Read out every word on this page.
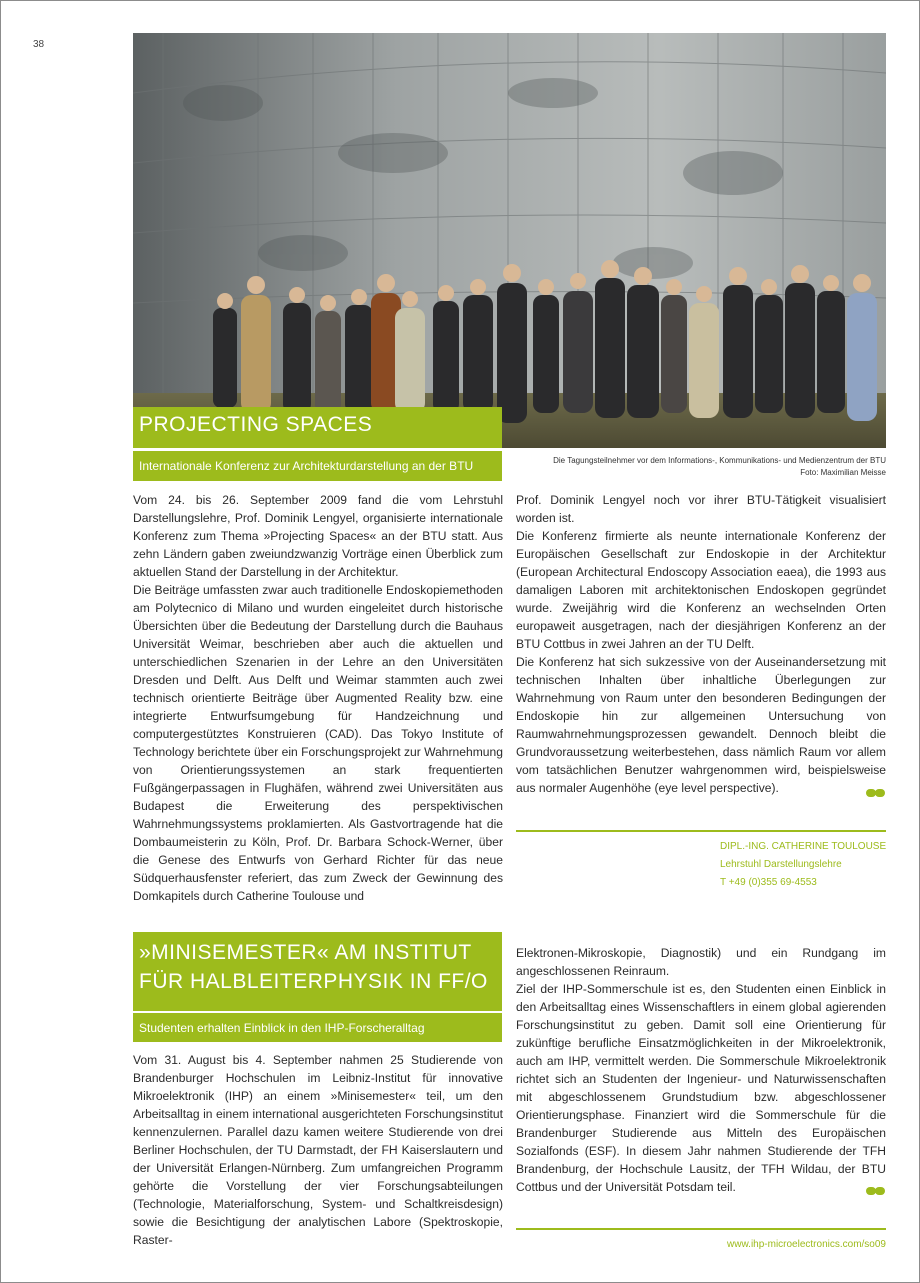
38
PROJECTING SPACES
Internationale Konferenz zur Architekturdarstellung an der BTU	Die Tagungsteilnehmer vor dem Informations-, Kommunikations- und Medienzentrum der BTU
Foto: Maximilian Meisse

Vom 24. bis 26. September 2009 fand die vom Lehrstuhl Darstellungslehre, Prof. Dominik Lengyel, organisierte internationale Konferenz zum Thema »Projecting Spaces« an der BTU statt. Aus zehn Ländern gaben zweiundzwanzig Vorträge einen Überblick zum aktuellen Stand der Darstellung in der Architektur.

Die Beiträge umfassten zwar auch traditionelle Endoskopiemethoden am Polytecnico di Milano und wurden eingeleitet durch historische Übersichten über die Bedeutung der Darstellung durch die Bauhaus Universität Weimar, beschrieben aber auch die aktuellen und unterschiedlichen Szenarien in der Lehre an den Universitäten Dresden und Delft. Aus Delft und Weimar stammten auch zwei technisch orientierte Beiträge über Augmented Reality bzw. eine integrierte Entwurfsumgebung für Handzeichnung und computergestütztes Konstruieren (CAD). Das Tokyo Institute of Technology berichtete über ein Forschungsprojekt zur Wahrnehmung von Orientierungssystemen an stark frequentierten Fußgängerpassagen in Flughäfen, während zwei Universitäten aus Budapest die Erweiterung des perspektivischen Wahrnehmungssystems proklamierten. Als Gastvortragende hat die Dombaumeisterin zu Köln, Prof. Dr. Barbara Schock-Werner, über die Genese des Entwurfs von Gerhard Richter für das neue Südquerhausfenster referiert, das zum Zweck der Gewinnung des Domkapitels durch Catherine Toulouse und

Prof. Dominik Lengyel noch vor ihrer BTU-Tätigkeit visualisiert worden ist.

Die Konferenz firmierte als neunte internationale Konferenz der Europäischen Gesellschaft zur Endoskopie in der Architektur (European Architectural Endoscopy Association eaea), die 1993 aus damaligen Laboren mit architektonischen Endoskopen gegründet wurde. Zweijährig wird die Konferenz an wechselnden Orten europaweit ausgetragen, nach der diesjährigen Konferenz an der BTU Cottbus in zwei Jahren an der TU Delft.

Die Konferenz hat sich sukzessive von der Auseinandersetzung mit technischen Inhalten über inhaltliche Überlegungen zur Wahrnehmung von Raum unter den besonderen Bedingungen der Endoskopie hin zur allgemeinen Untersuchung von Raumwahrnehmungsprozessen gewandelt. Dennoch bleibt die Grundvoraussetzung weiterbestehen, dass nämlich Raum vor allem vom tatsächlichen Benutzer wahrgenommen wird, beispielsweise aus normaler Augenhöhe (eye level perspective).

DIPL.-ING. CATHERINE TOULOUSE
Lehrstuhl Darstellungslehre
T +49 (0)355 69-4553
»MINISEMESTER« AM INSTITUT
FÜR HALBLEITERPHYSIK IN FF/O
Studenten erhalten Einblick in den IHP-Forscheralltag

Vom 31. August bis 4. September nahmen 25 Studierende von Brandenburger Hochschulen im Leibniz-Institut für innovative Mikroelektronik (IHP) an einem »Minisemester« teil, um den Arbeitsalltag in einem international ausgerichteten Forschungsinstitut kennenzulernen. Parallel dazu kamen weitere Studierende von drei Berliner Hochschulen, der TU Darmstadt, der FH Kaiserslautern und der Universität Erlangen-Nürnberg. Zum umfangreichen Programm gehörte die Vorstellung der vier Forschungsabteilungen (Technologie, Materialforschung, System- und Schaltkreisdesign) sowie die Besichtigung der analytischen Labore (Spektroskopie, Raster-

Elektronen-Mikroskopie, Diagnostik) und ein Rundgang im angeschlossenen Reinraum.

Ziel der IHP-Sommerschule ist es, den Studenten einen Einblick in den Arbeitsalltag eines Wissenschaftlers in einem global agierenden Forschungsinstitut zu geben. Damit soll eine Orientierung für zukünftige berufliche Einsatzmöglichkeiten in der Mikroelektronik, auch am IHP, vermittelt werden. Die Sommerschule Mikroelektronik richtet sich an Studenten der Ingenieur- und Naturwissenschaften mit abgeschlossenem Grundstudium bzw. abgeschlossener Orientierungsphase. Finanziert wird die Sommerschule für die Brandenburger Studierende aus Mitteln des Europäischen Sozialfonds (ESF). In diesem Jahr nahmen Studierende der TFH Brandenburg, der Hochschule Lausitz, der TFH Wildau, der BTU Cottbus und der Universität Potsdam teil.

www.ihp-microelectronics.com/so09
